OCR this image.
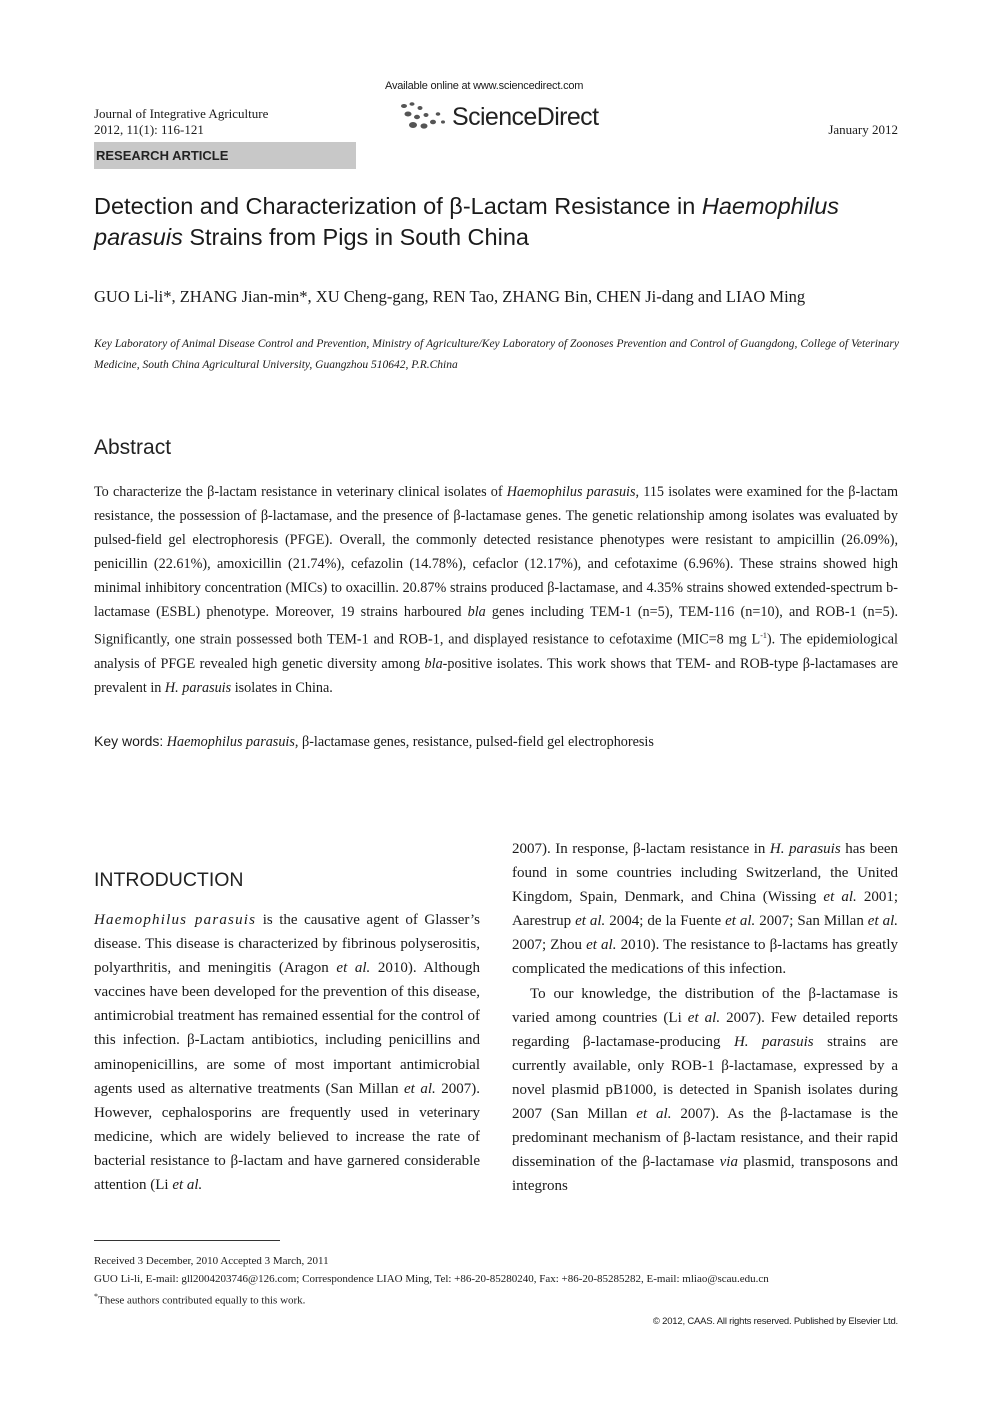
Journal of Integrative Agriculture
2012, 11(1): 116-121
Available online at www.sciencedirect.com
ScienceDirect	January 2012
RESEARCH ARTICLE
Detection and Characterization of β-Lactam Resistance in Haemophilus parasuis Strains from Pigs in South China
GUO Li-li*, ZHANG Jian-min*, XU Cheng-gang, REN Tao, ZHANG Bin, CHEN Ji-dang and LIAO Ming
Key Laboratory of Animal Disease Control and Prevention, Ministry of Agriculture/Key Laboratory of Zoonoses Prevention and Control of Guangdong, College of Veterinary Medicine, South China Agricultural University, Guangzhou 510642, P.R.China
Abstract
To characterize the β-lactam resistance in veterinary clinical isolates of Haemophilus parasuis, 115 isolates were examined for the β-lactam resistance, the possession of β-lactamase, and the presence of β-lactamase genes. The genetic relationship among isolates was evaluated by pulsed-field gel electrophoresis (PFGE). Overall, the commonly detected resistance phenotypes were resistant to ampicillin (26.09%), penicillin (22.61%), amoxicillin (21.74%), cefazolin (14.78%), cefaclor (12.17%), and cefotaxime (6.96%). These strains showed high minimal inhibitory concentration (MICs) to oxacillin. 20.87% strains produced β-lactamase, and 4.35% strains showed extended-spectrum b-lactamase (ESBL) phenotype. Moreover, 19 strains harboured bla genes including TEM-1 (n=5), TEM-116 (n=10), and ROB-1 (n=5). Significantly, one strain possessed both TEM-1 and ROB-1, and displayed resistance to cefotaxime (MIC=8 mg $L^{-1}$). The epidemiological analysis of PFGE revealed high genetic diversity among bla-positive isolates. This work shows that TEM- and ROB-type β-lactamases are prevalent in H. parasuis isolates in China.
Key words: Haemophilus parasuis, β-lactamase genes, resistance, pulsed-field gel electrophoresis
INTRODUCTION
Haemophilus parasuis is the causative agent of Glasser’s disease. This disease is characterized by fibrinous polyserositis, polyarthritis, and meningitis (Aragon et al. 2010). Although vaccines have been developed for the prevention of this disease, antimicrobial treatment has remained essential for the control of this infection. β-Lactam antibiotics, including penicillins and aminopenicillins, are some of most important antimicrobial agents used as alternative treatments (San Millan et al. 2007). However, cephalosporins are frequently used in veterinary medicine, which are widely believed to increase the rate of bacterial resistance to β-lactam and have garnered considerable attention (Li et al.

2007). In response, β-lactam resistance in H. parasuis has been found in some countries including Switzerland, the United Kingdom, Spain, Denmark, and China (Wissing et al. 2001; Aarestrup et al. 2004; de la Fuente et al. 2007; San Millan et al. 2007; Zhou et al. 2010). The resistance to β-lactams has greatly complicated the medications of this infection.

To our knowledge, the distribution of the β-lactamase is varied among countries (Li et al. 2007). Few detailed reports regarding β-lactamase-producing H. parasuis strains are currently available, only ROB-1 β-lactamase, expressed by a novel plasmid pB1000, is detected in Spanish isolates during 2007 (San Millan et al. 2007). As the β-lactamase is the predominant mechanism of β-lactam resistance, and their rapid dissemination of the β-lactamase via plasmid, transposons and integrons

Received 3 December, 2010 Accepted 3 March, 2011
GUO Li-li, E-mail: gll2004203746@126.com; Correspondence LIAO Ming, Tel: +86-20-85280240, Fax: +86-20-85285282, E-mail: mliao@scau.edu.cn
*These authors contributed equally to this work.
© 2012, CAAS. All rights reserved. Published by Elsevier Ltd.
